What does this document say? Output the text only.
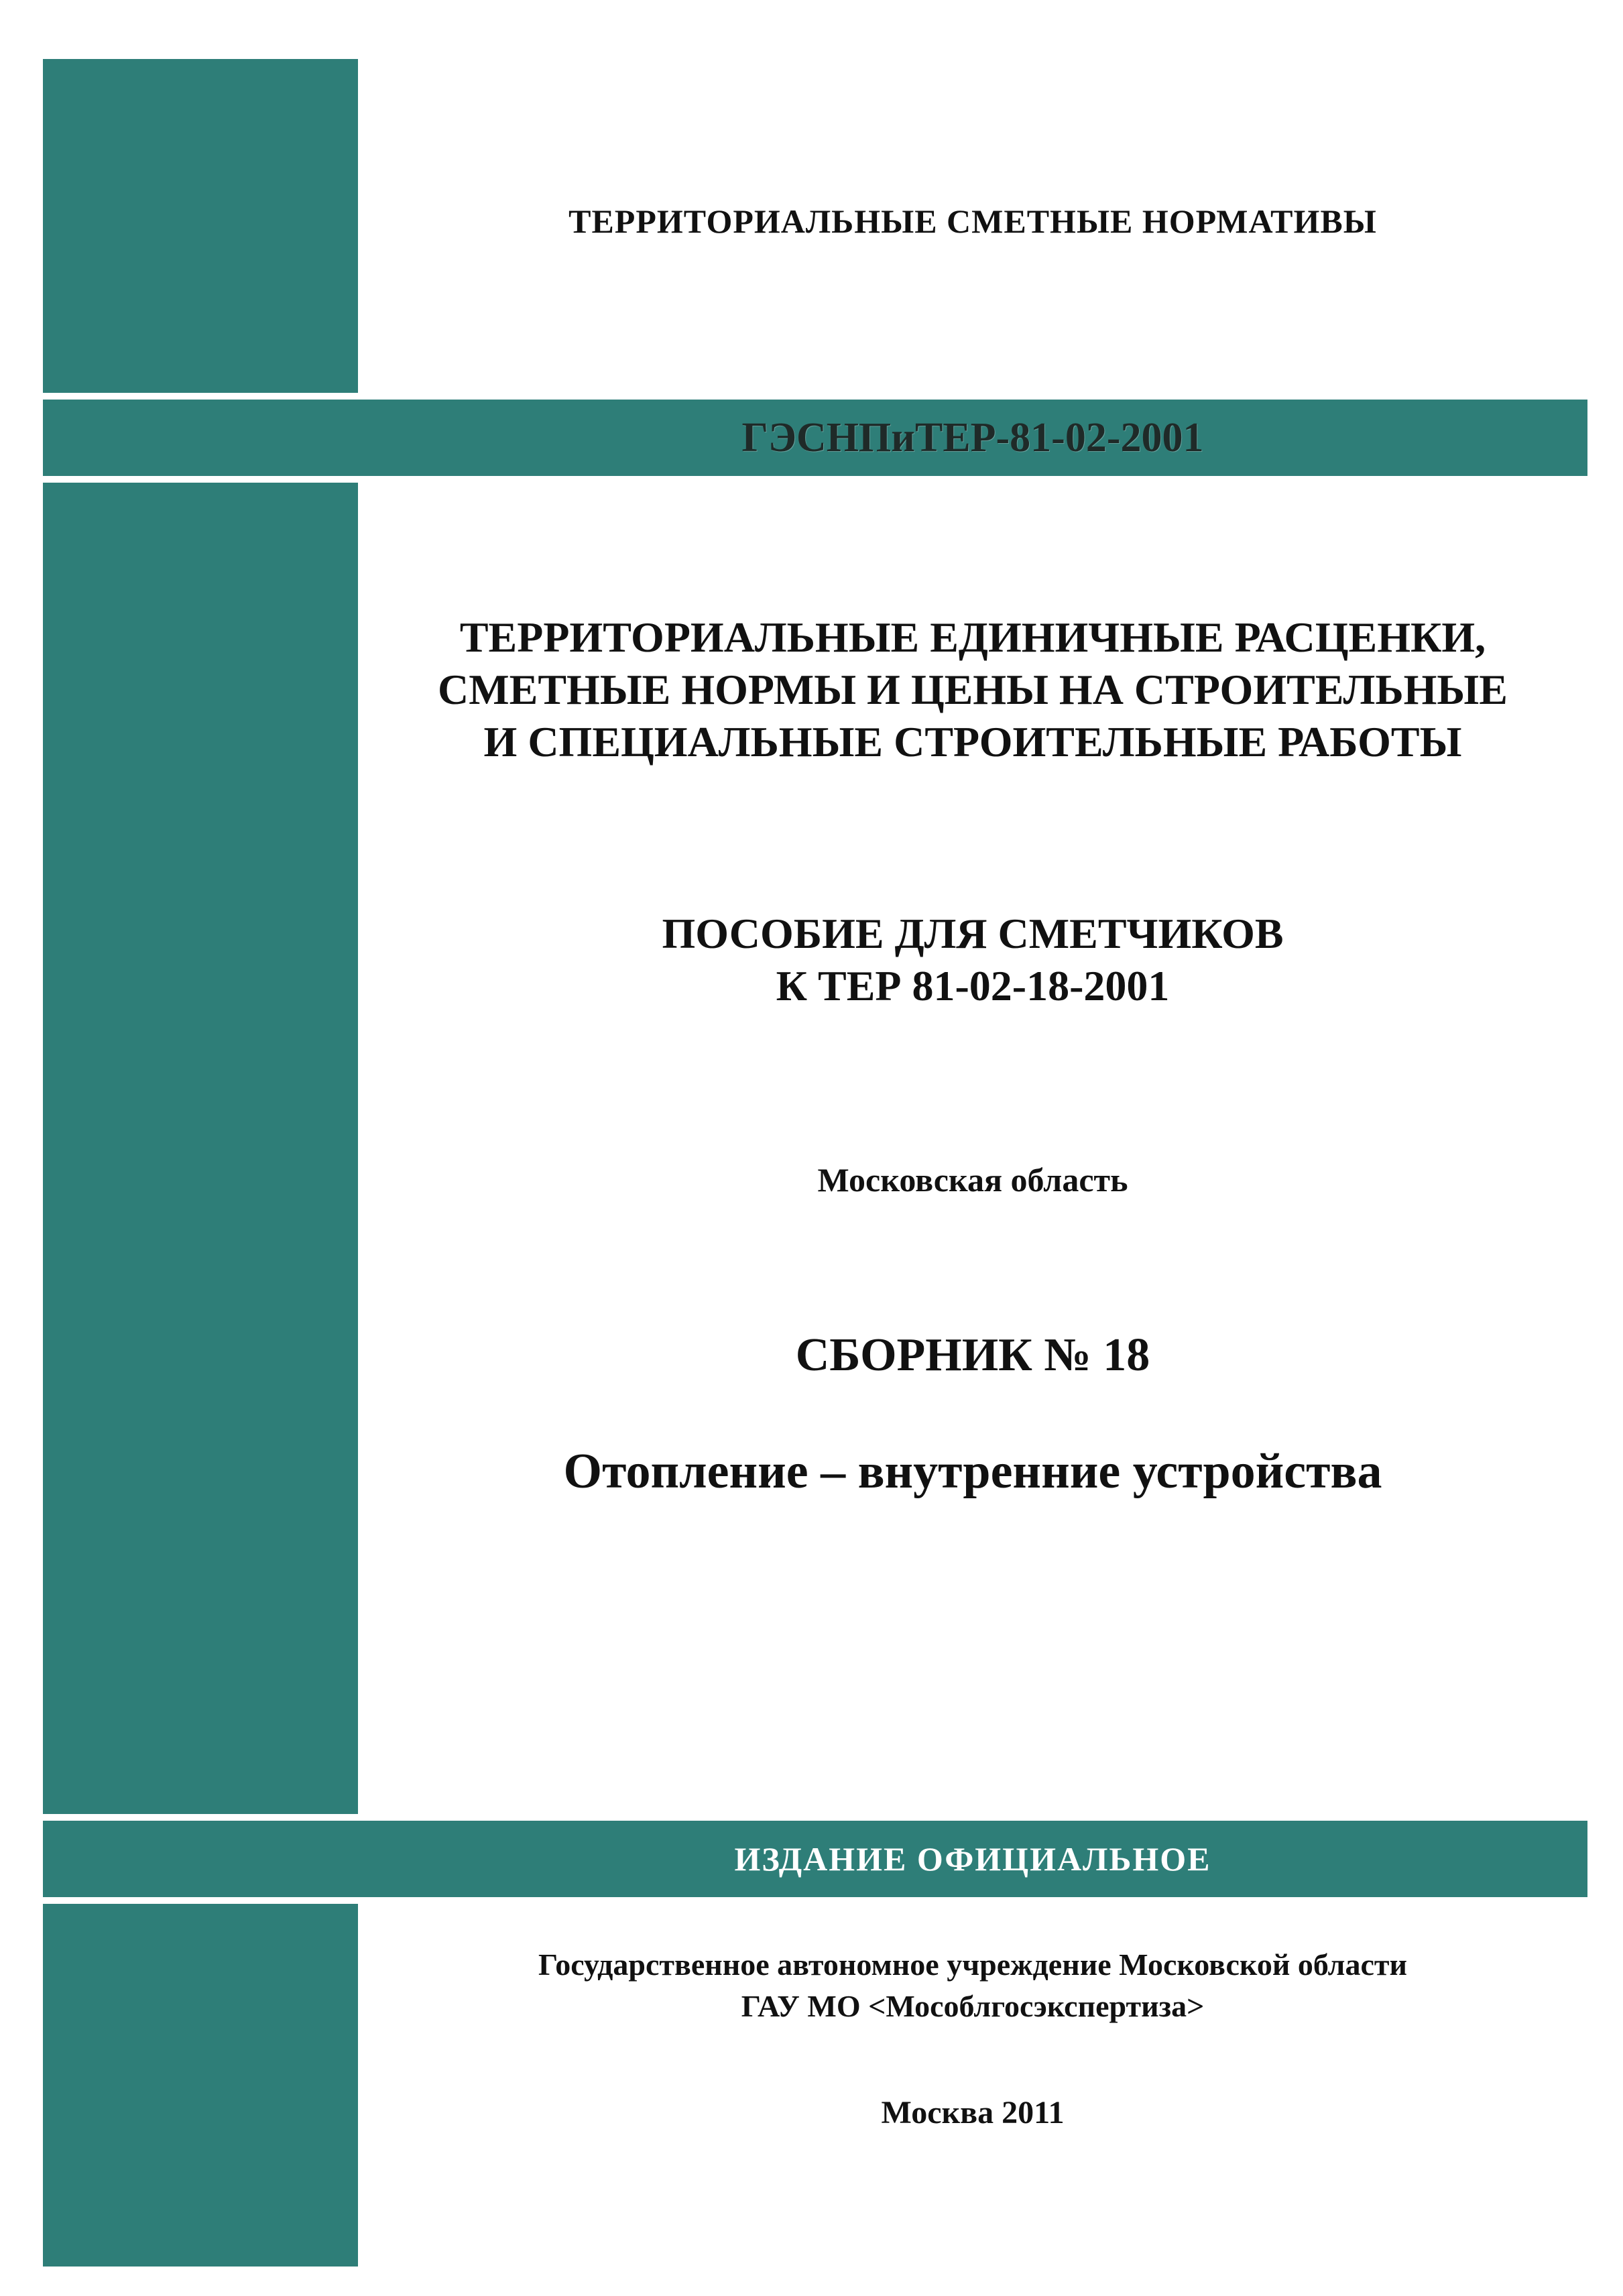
ТЕРРИТОРИАЛЬНЫЕ СМЕТНЫЕ НОРМАТИВЫ
ГЭСНПиТЕР-81-02-2001
ТЕРРИТОРИАЛЬНЫЕ ЕДИНИЧНЫЕ РАСЦЕНКИ,
СМЕТНЫЕ НОРМЫ И ЦЕНЫ НА СТРОИТЕЛЬНЫЕ
И СПЕЦИАЛЬНЫЕ СТРОИТЕЛЬНЫЕ РАБОТЫ
ПОСОБИЕ ДЛЯ СМЕТЧИКОВ
К ТЕР 81-02-18-2001
Московская область
СБОРНИК № 18
Отопление – внутренние устройства
ИЗДАНИЕ ОФИЦИАЛЬНОЕ
Государственное автономное учреждение Московской области
ГАУ МО <Мособлгосэкспертиза>
Москва 2011
